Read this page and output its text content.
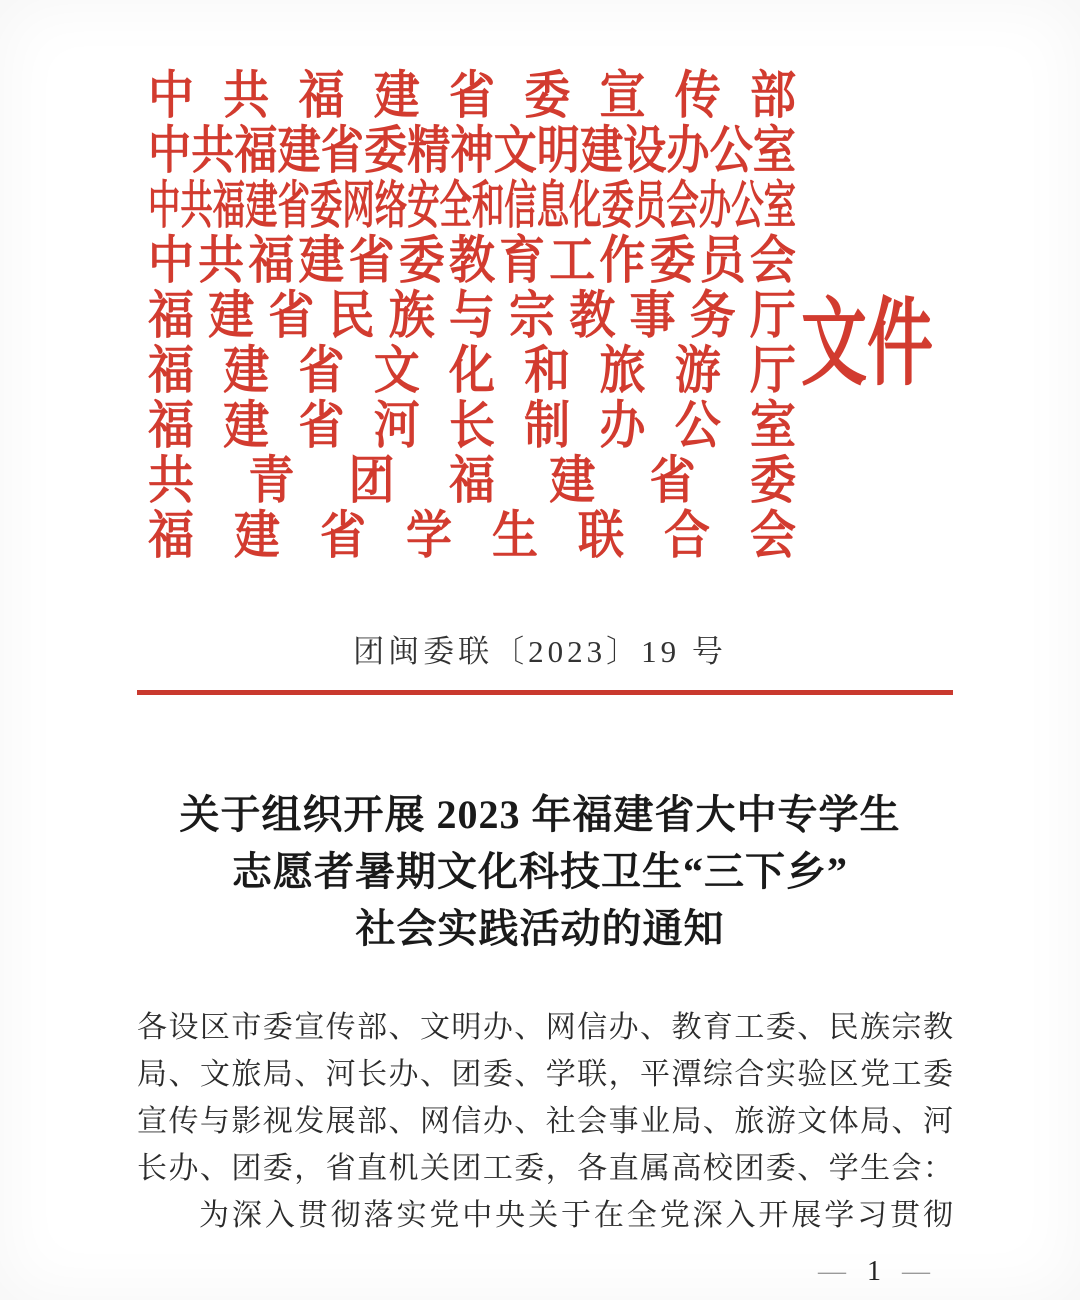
中 共 福 建 省 委 宣 传 部
中 共 福 建 省 委 精 神 文 明 建 设 办 公 室
中 共 福 建 省 委 网 络 安 全 和 信 息 化 委 员 会 办 公 室
中 共 福 建 省 委 教 育 工 作 委 员 会
福 建 省 民 族 与 宗 教 事 务 厅
福 建 省 文 化 和 旅 游 厅
福 建 省 河 长 制 办 公 室
共 青 团 福 建 省 委
福 建 省 学 生 联 合 会
文件
团闽委联〔2023〕19 号
关于组织开展 2023 年福建省大中专学生
志愿者暑期文化科技卫生“三下乡”
社会实践活动的通知
各 设 区 市 委 宣 传 部 、 文 明 办 、 网 信 办 、 教 育 工 委 、 民 族 宗 教
局 、 文 旅 局 、 河 长 办 、 团 委 、 学 联 ， 平 潭 综 合 实 验 区 党 工 委
宣 传 与 影 视 发 展 部 、 网 信 办 、 社 会 事 业 局 、 旅 游 文 体 局 、 河
长 办 、 团 委 ， 省 直 机 关 团 工 委 ， 各 直 属 高 校 团 委 、 学 生 会 ：
为 深 入 贯 彻 落 实 党 中 央 关 于 在 全 党 深 入 开 展 学 习 贯 彻
— 1 —
